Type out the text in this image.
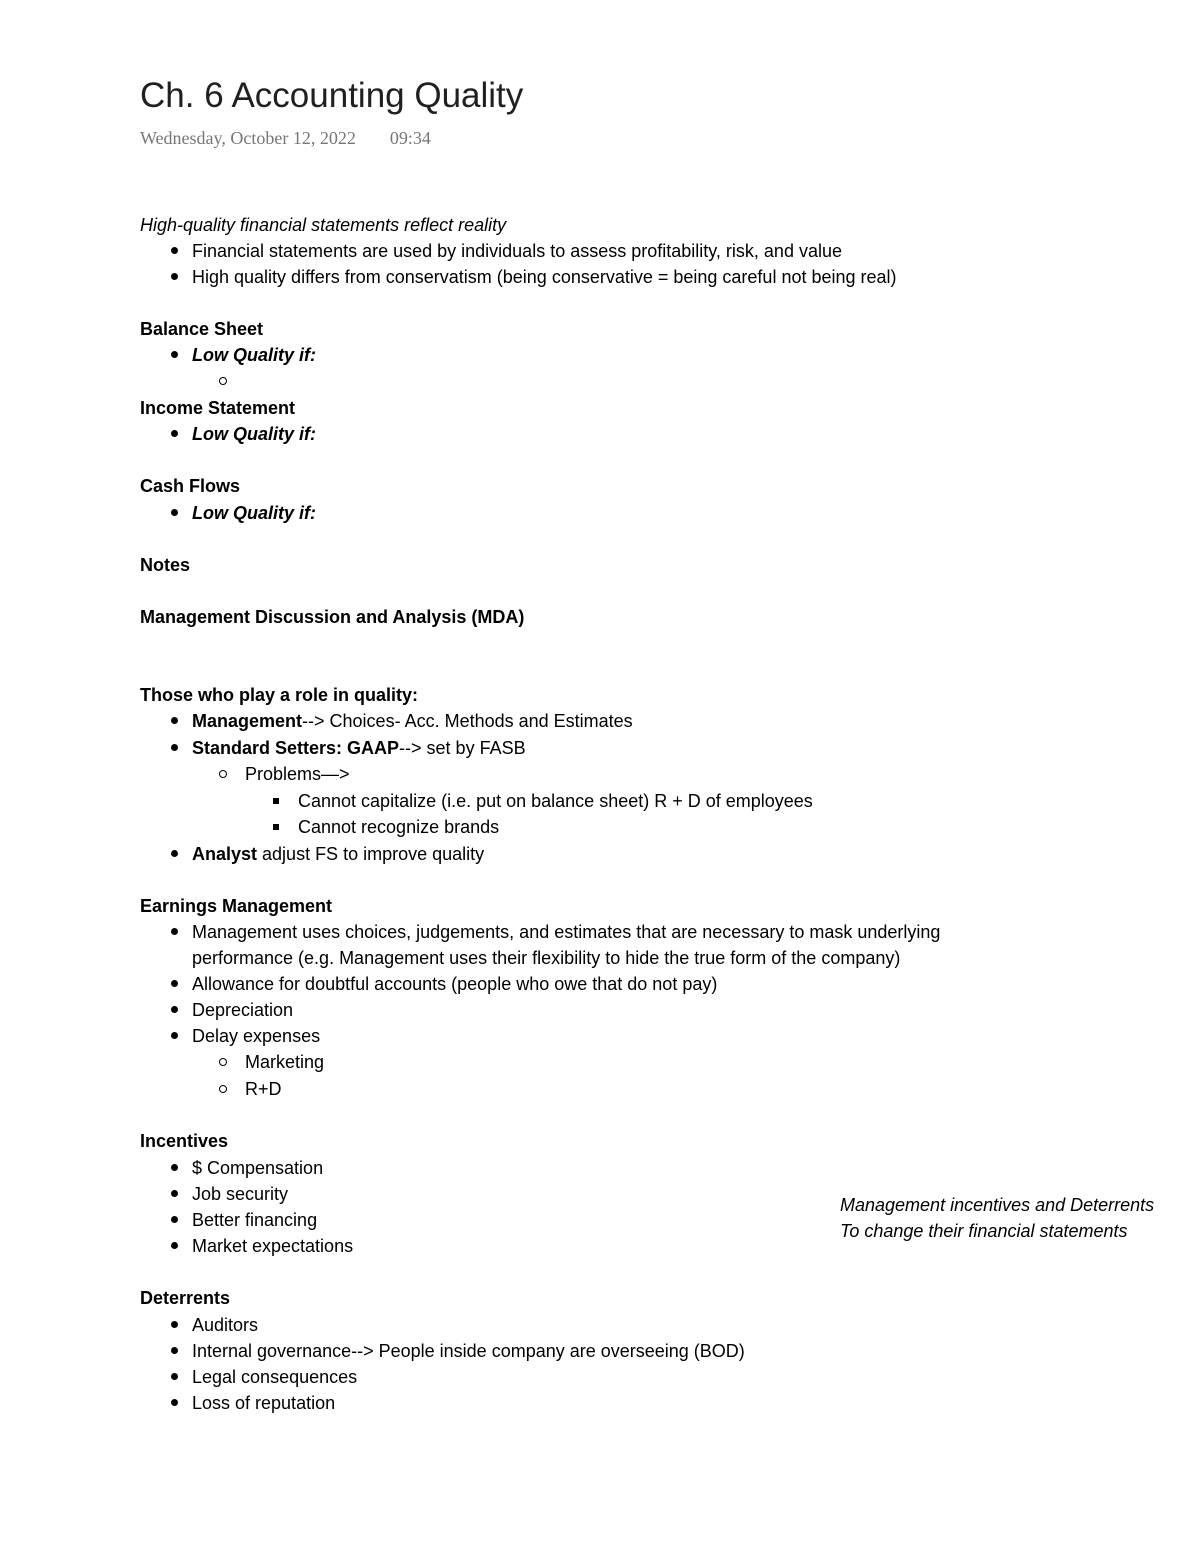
Ch. 6 Accounting Quality
Wednesday, October 12, 2022 09:34
High-quality financial statements reflect reality
Financial statements are used by individuals to assess profitability, risk, and value
High quality differs from conservatism (being conservative = being careful not being real)
Balance Sheet
Low Quality if:
Income Statement
Low Quality if:
Cash Flows
Low Quality if:
Notes
Management Discussion and Analysis (MDA)
Those who play a role in quality:
Management--> Choices- Acc. Methods and Estimates
Standard Setters: GAAP--> set by FASB
Problems—>
Cannot capitalize (i.e. put on balance sheet) R + D of employees
Cannot recognize brands
Analyst adjust FS to improve quality
Earnings Management
Management uses choices, judgements, and estimates that are necessary to mask underlying
performance (e.g. Management uses their flexibility to hide the true form of the company)
Allowance for doubtful accounts (people who owe that do not pay)
Depreciation
Delay expenses
Marketing
R+D
Incentives
$ Compensation
Job security
Better financing
Market expectations
Management incentives and Deterrents
To change their financial statements
Deterrents
Auditors
Internal governance--> People inside company are overseeing (BOD)
Legal consequences
Loss of reputation
